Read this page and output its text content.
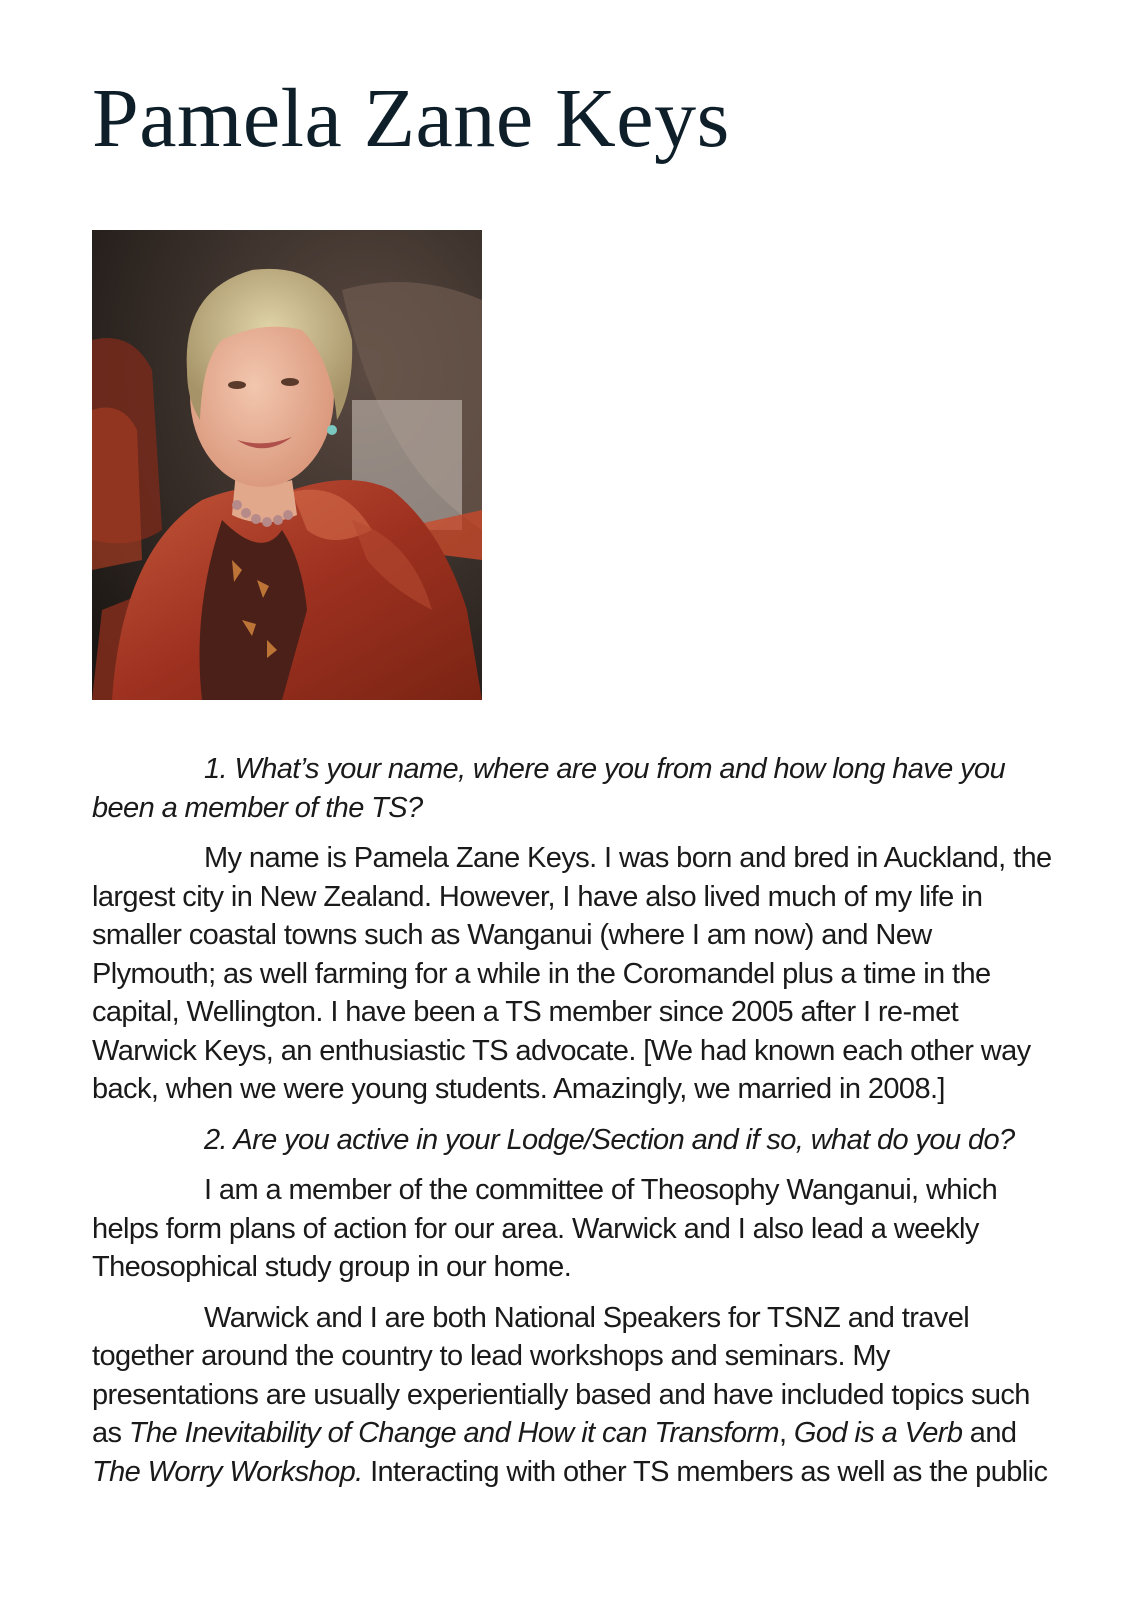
Pamela Zane Keys

1. What’s your name, where are you from and how long have you been a member of the TS?

My name is Pamela Zane Keys. I was born and bred in Auckland, the largest city in New Zealand. However, I have also lived much of my life in smaller coastal towns such as Wanganui (where I am now) and New Plymouth; as well farming for a while in the Coromandel plus a time in the capital, Wellington. I have been a TS member since 2005 after I re-met Warwick Keys, an enthusiastic TS advocate. [We had known each other way back, when we were young students. Amazingly, we married in 2008.]

2. Are you active in your Lodge/Section and if so, what do you do?

I am a member of the committee of Theosophy Wanganui, which helps form plans of action for our area. Warwick and I also lead a weekly Theosophical study group in our home.

Warwick and I are both National Speakers for TSNZ and travel together around the country to lead workshops and seminars. My presentations are usually experientially based and have included topics such as The Inevitability of Change and How it can Transform, God is a Verb and The Worry Workshop. Interacting with other TS members as well as the public
